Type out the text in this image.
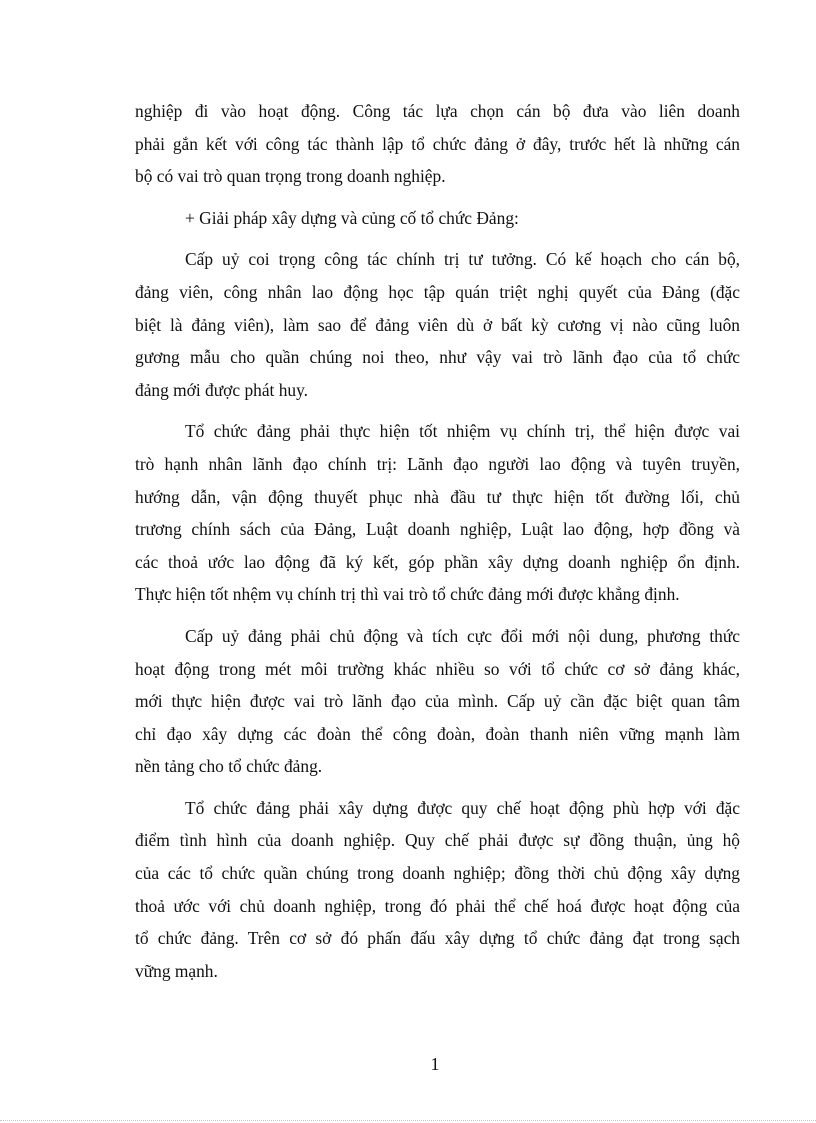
nghiệp đi vào hoạt động. Công tác lựa chọn cán bộ đưa vào liên doanh
phải gắn kết với công tác thành lập tổ chức đảng ở đây, trước hết là những cán
bộ có vai trò quan trọng trong doanh nghiệp.
+ Giải pháp xây dựng và củng cố tổ chức Đảng:
Cấp uỷ coi trọng công tác chính trị tư tưởng. Có kế hoạch cho cán bộ,
đảng viên, công nhân lao động học tập quán triệt nghị quyết của Đảng (đặc
biệt là đảng viên), làm sao để đảng viên dù ở bất kỳ cương vị nào cũng luôn
gương mẫu cho quần chúng noi theo, như vậy vai trò lãnh đạo của tổ chức
đảng mới được phát huy.
Tổ chức đảng phải thực hiện tốt nhiệm vụ chính trị, thể hiện được vai
trò hạnh nhân lãnh đạo chính trị: Lãnh đạo người lao động và tuyên truyền,
hướng dẫn, vận động thuyết phục nhà đầu tư thực hiện tốt đường lối, chủ
trương chính sách của Đảng, Luật doanh nghiệp, Luật lao động, hợp đồng và
các thoả ước lao động đã ký kết, góp phần xây dựng doanh nghiệp ổn định.
Thực hiện tốt nhệm vụ chính trị thì vai trò tổ chức đảng mới được khẳng định.
Cấp uỷ đảng phải chủ động và tích cực đổi mới nội dung, phương thức
hoạt động trong mét môi trường khác nhiều so với tổ chức cơ sở đảng khác,
mới thực hiện được vai trò lãnh đạo của mình. Cấp uỷ cần đặc biệt quan tâm
chỉ đạo xây dựng các đoàn thể công đoàn, đoàn thanh niên vững mạnh làm
nền tảng cho tổ chức đảng.
Tổ chức đảng phải xây dựng được quy chế hoạt động phù hợp với đặc
điểm tình hình của doanh nghiệp. Quy chế phải được sự đồng thuận, ủng hộ
của các tổ chức quần chúng trong doanh nghiệp; đồng thời chủ động xây dựng
thoả ước với chủ doanh nghiệp, trong đó phải thể chế hoá được hoạt động của
tổ chức đảng. Trên cơ sở đó phấn đấu xây dựng tổ chức đảng đạt trong sạch
vững mạnh.
1
